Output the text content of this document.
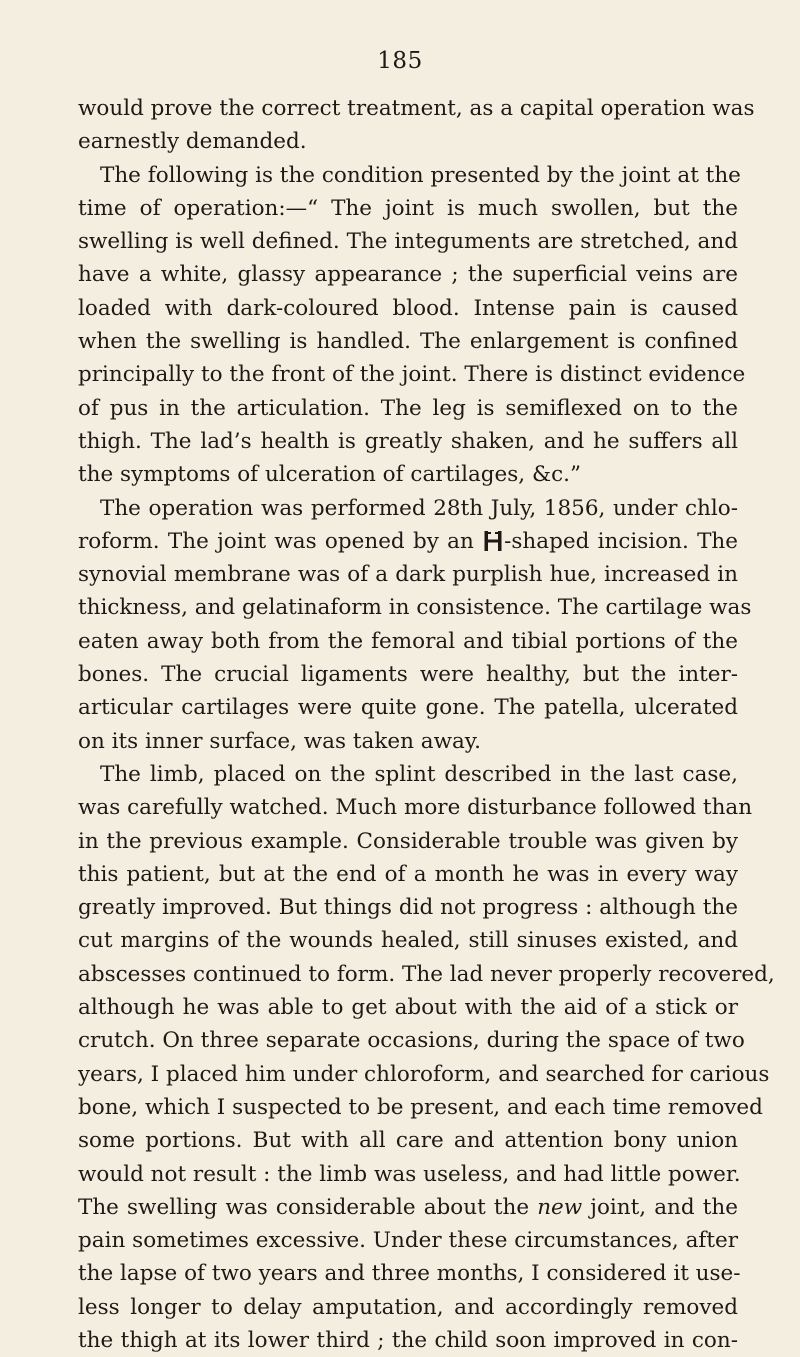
185
would prove the correct treatment, as a capital operation was
earnestly demanded.
The following is the condition presented by the joint at the
time of operation:—“ The joint is much swollen, but the
swelling is well defined. The integuments are stretched, and
have a white, glassy appearance ; the superficial veins are
loaded with dark-coloured blood. Intense pain is caused
when the swelling is handled. The enlargement is confined
principally to the front of the joint. There is distinct evidence
of pus in the articulation. The leg is semiflexed on to the
thigh. The lad’s health is greatly shaken, and he suffers all
the symptoms of ulceration of cartilages, &c.”
The operation was performed 28th July, 1856, under chlo-
roform. The joint was opened by an -shaped incision. The
synovial membrane was of a dark purplish hue, increased in
thickness, and gelatinaform in consistence. The cartilage was
eaten away both from the femoral and tibial portions of the
bones. The crucial ligaments were healthy, but the inter-
articular cartilages were quite gone. The patella, ulcerated
on its inner surface, was taken away.
The limb, placed on the splint described in the last case,
was carefully watched. Much more disturbance followed than
in the previous example. Considerable trouble was given by
this patient, but at the end of a month he was in every way
greatly improved. But things did not progress : although the
cut margins of the wounds healed, still sinuses existed, and
abscesses continued to form. The lad never properly recovered,
although he was able to get about with the aid of a stick or
crutch. On three separate occasions, during the space of two
years, I placed him under chloroform, and searched for carious
bone, which I suspected to be present, and each time removed
some portions. But with all care and attention bony union
would not result : the limb was useless, and had little power.
The swelling was considerable about the new joint, and the
pain sometimes excessive. Under these circumstances, after
the lapse of two years and three months, I considered it use-
less longer to delay amputation, and accordingly removed
the thigh at its lower third ; the child soon improved in con-
